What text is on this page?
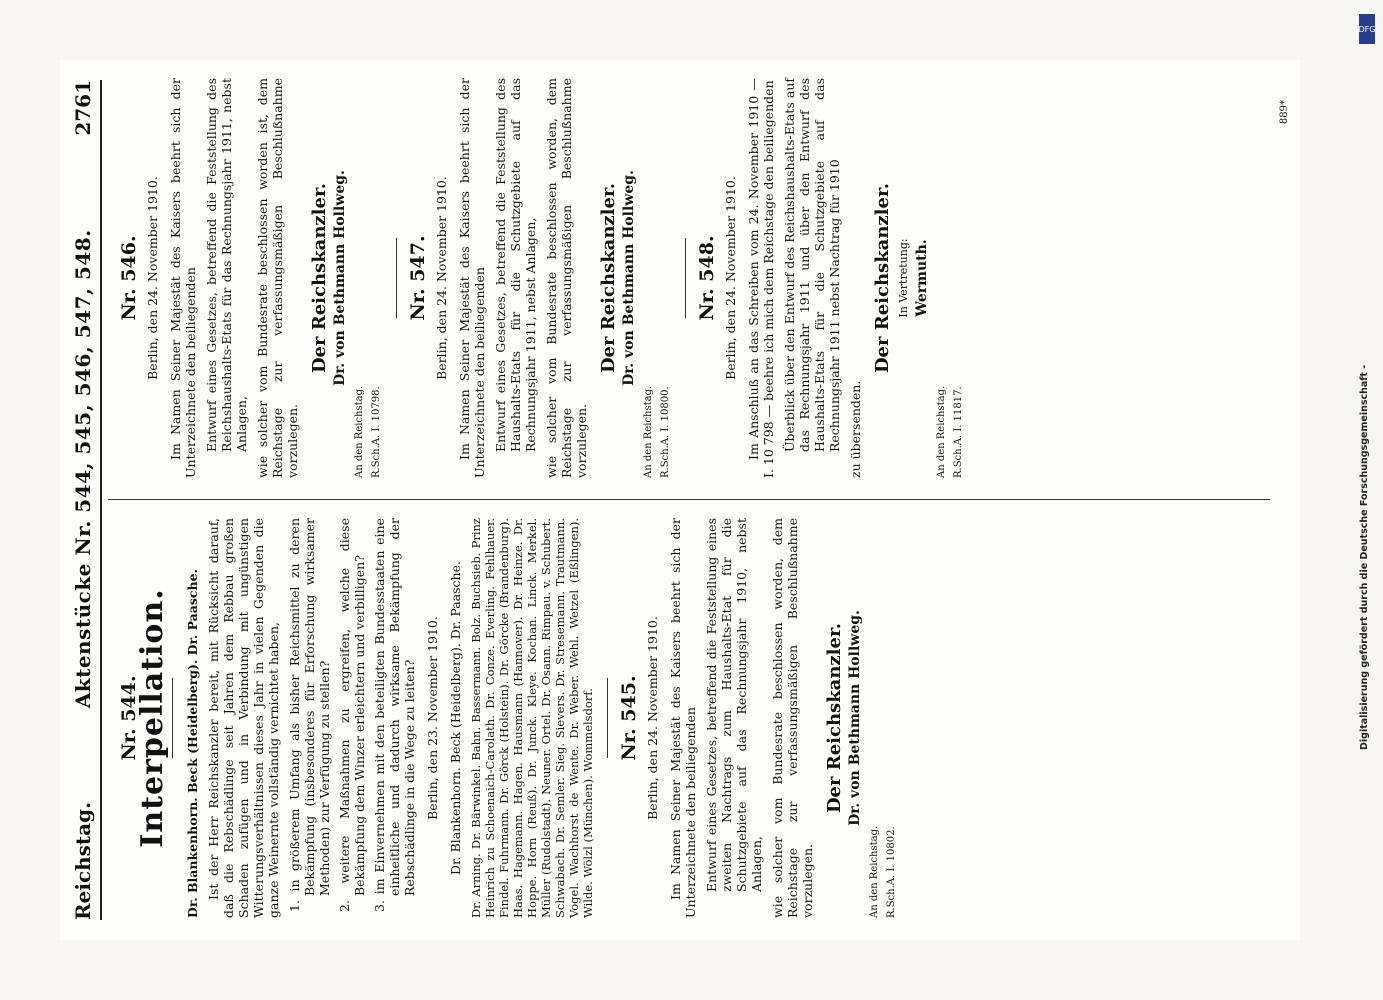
Reichstag.
Aktenstücke Nr. 544, 545, 546, 547, 548.
2761
Nr. 544.
Interpellation. Dr. Blankenhorn. Beck (Heidelberg). Dr. Paasche. Ist der Herr Reichskanzler bereit, mit Rücksicht darauf, daß die Rebschädlinge seit Jahren dem Rebbau großen Schaden zufügen und in Verbindung mit ungünstigen Witterungsverhältnissen dieses Jahr in vielen Gegenden die ganze Weinernte vollständig vernichtet haben, 1. in größerem Umfang als bisher Reichsmittel zu deren Bekämpfung (insbesonderes für Erforschung wirksamer Methoden) zur Verfügung zu stellen? 2. weitere Maßnahmen zu ergreifen, welche diese Bekämpfung dem Winzer erleichtern und verbilligen? 3. im Einvernehmen mit den beteiligten Bundesstaaten eine einheitliche und dadurch wirksame Bekämpfung der Rebschädlinge in die Wege zu leiten? Berlin, den 23. November 1910. Dr. Blankenhorn. Beck (Heidelberg). Dr. Paasche. Dr. Arning. Dr. Bärwinkel. Bahn. Bassermann. Bolz. Buchsieb. Prinz Heinrich zu Schoenaich-Carolath. Dr. Conze. Everling. Fehlhauer. Findel. Fuhrmann. Dr. Görck (Holstein). Dr. Görcke (Brandenburg). Haas. Hagemann. Hagen. Hausmann (Hannover). Dr. Heinze. Dr. Hoppe. Horn (Reuß). Dr. Junck. Kleye. Kochan. Linck. Merkel. Müller (Rudolstadt). Neuner. Ortel. Dr. Osann. Rimpau. v. Schubert. Schwabach. Dr. Semler. Sieg. Sievers. Dr. Stresemann. Trautmann. Vogel. Wachhorst de Wente. Dr. Weber. Wehl. Wetzel (Eßlingen). Wilde. Wölzl (München). Wommelsdorf. Nr. 545. Berlin, den 24. November 1910. Im Namen Seiner Majestät des Kaisers beehrt sich der Unterzeichnete den beiliegenden Entwurf eines Gesetzes, betreffend die Feststellung eines zweiten Nachtrags zum Haushalts-Etat für die Schutzgebiete auf das Rechnungsjahr 1910, nebst Anlagen, wie solcher vom Bundesrate beschlossen worden, dem Reichstage zur verfassungsmäßigen Beschlußnahme vorzulegen.

Der Reichskanzler. Dr. von Bethmann Hollweg.
An den Reichstag. R.Sch.A. I. 10802.
Nr. 546. Berlin, den 24. November 1910. Im Namen Seiner Majestät des Kaisers beehrt sich der Unterzeichnete den beiliegenden Entwurf eines Gesetzes, betreffend die Feststellung des Reichshaushalts-Etats für das Rechnungsjahr 1911, nebst Anlagen, wie solcher vom Bundesrate beschlossen worden ist, dem Reichstage zur verfassungsmäßigen Beschlußnahme vorzulegen.

Der Reichskanzler. Dr. von Bethmann Hollweg.
An den Reichstag. R.Sch.A. I. 10798.
Nr. 547. Berlin, den 24. November 1910. Im Namen Seiner Majestät des Kaisers beehrt sich der Unterzeichnete den beiliegenden Entwurf eines Gesetzes, betreffend die Feststellung des Haushalts-Etats für die Schutzgebiete auf das Rechnungsjahr 1911, nebst Anlagen, wie solcher vom Bundesrate beschlossen worden, dem Reichstage zur verfassungsmäßigen Beschlußnahme vorzulegen.

Der Reichskanzler. Dr. von Bethmann Hollweg.
An den Reichstag. R.Sch.A. I. 10800.
Nr. 548. Berlin, den 24. November 1910. Im Anschluß an das Schreiben vom 24. November 1910 — I. 10 798 — beehre ich mich dem Reichstage den beiliegenden Überblick über den Entwurf des Reichshaushalts-Etats auf das Rechnungsjahr 1911 und über den Entwurf des Haushalts-Etats für die Schutzgebiete auf das Rechnungsjahr 1911 nebst Nachtrag für 1910 zu übersenden.

Der Reichskanzler. In Vertretung: Wermuth.
An den Reichstag. R.Sch.A. I. 11817.
889*
DFG
Digitalisierung gefördert durch die Deutsche Forschungsgemeinschaft -
